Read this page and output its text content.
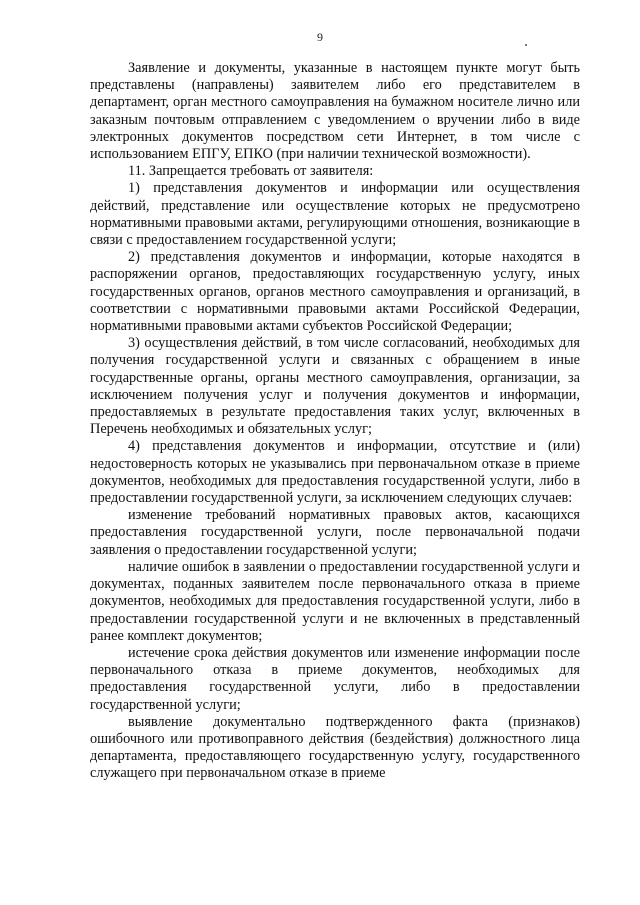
9

Заявление и документы, указанные в настоящем пункте могут быть представлены (направлены) заявителем либо его представителем в департамент, орган местного самоуправления на бумажном носителе лично или заказным почтовым отправлением с уведомлением о вручении либо в виде электронных документов посредством сети Интернет, в том числе с использованием ЕПГУ, ЕПКО (при наличии технической возможности).

11. Запрещается требовать от заявителя:

1) представления документов и информации или осуществления действий, представление или осуществление которых не предусмотрено нормативными правовыми актами, регулирующими отношения, возникающие в связи с предоставлением государственной услуги;

2) представления документов и информации, которые находятся в распоряжении органов, предоставляющих государственную услугу, иных государственных органов, органов местного самоуправления и организаций, в соответствии с нормативными правовыми актами Российской Федерации, нормативными правовыми актами субъектов Российской Федерации;

3) осуществления действий, в том числе согласований, необходимых для получения государственной услуги и связанных с обращением в иные государственные органы, органы местного самоуправления, организации, за исключением получения услуг и получения документов и информации, предоставляемых в результате предоставления таких услуг, включенных в Перечень необходимых и обязательных услуг;

4) представления документов и информации, отсутствие и (или) недостоверность которых не указывались при первоначальном отказе в приеме документов, необходимых для предоставления государственной услуги, либо в предоставлении государственной услуги, за исключением следующих случаев:

изменение требований нормативных правовых актов, касающихся предоставления государственной услуги, после первоначальной подачи заявления о предоставлении государственной услуги;

наличие ошибок в заявлении о предоставлении государственной услуги и документах, поданных заявителем после первоначального отказа в приеме документов, необходимых для предоставления государственной услуги, либо в предоставлении государственной услуги и не включенных в представленный ранее комплект документов;

истечение срока действия документов или изменение информации после первоначального отказа в приеме документов, необходимых для предоставления государственной услуги, либо в предоставлении государственной услуги;

выявление документально подтвержденного факта (признаков) ошибочного или противоправного действия (бездействия) должностного лица департамента, предоставляющего государственную услугу, государственного служащего при первоначальном отказе в приеме
